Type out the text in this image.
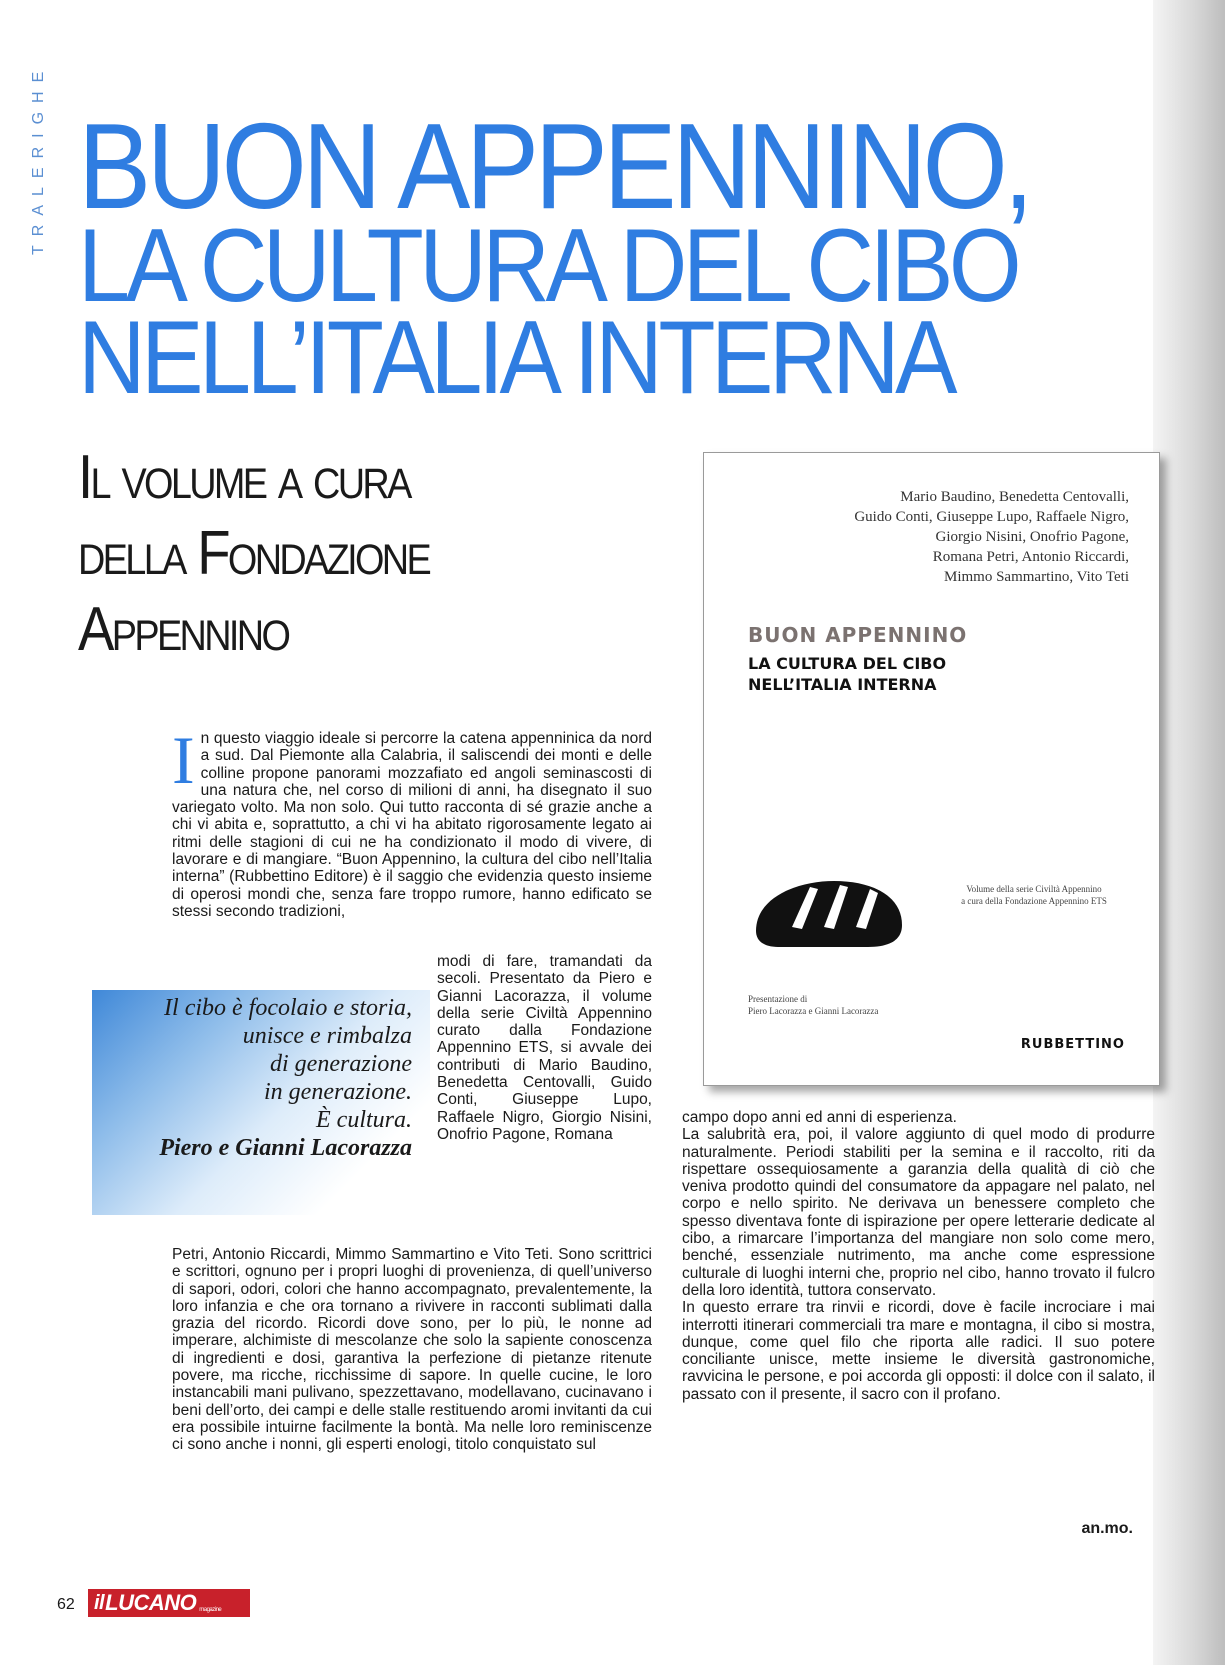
TRALERIGHE BUON APPENNINO,
LA CULTURA DEL CIBO
NELL’ITALIA INTERNA
Il volume a cura
della Fondazione
Appennino
Mario Baudino, Benedetta Centovalli,
Guido Conti, Giuseppe Lupo, Raffaele Nigro,
Giorgio Nisini, Onofrio Pagone,
Romana Petri, Antonio Riccardi,
Mimmo Sammartino, Vito Teti
BUON APPENNINO
LA CULTURA DEL CIBO
NELL’ITALIA INTERNA
Volume della serie Civiltà Appennino
a cura della Fondazione Appennino ETS
Presentazione di
Piero Lacorazza e Gianni Lacorazza
RUBBETTINO
I n questo viaggio ideale si percorre la catena appenninica da nord a sud. Dal Piemonte alla Calabria, il saliscendi dei monti e delle colline propone panorami mozzafiato ed angoli seminascosti di una natura che, nel corso di milioni di anni, ha disegnato il suo variegato volto. Ma non solo. Qui tutto racconta di sé grazie anche a chi vi abita e, soprattutto, a chi vi ha abitato rigorosamente legato ai ritmi delle stagioni di cui ne ha condizionato il modo di vivere, di lavorare e di mangiare. “Buon Appennino, la cultura del cibo nell’Italia interna” (Rubbettino Editore) è il saggio che evidenzia questo insieme di operosi mondi che, senza fare troppo rumore, hanno edificato se stessi secondo tradizioni,

Il cibo è focolaio e storia,
unisce e rimbalza
di generazione
in generazione.
È cultura.
Piero e Gianni Lacorazza

modi di fare, tramandati da secoli. Presentato da Piero e Gianni Lacorazza, il volume della serie Civiltà Appennino curato dalla Fondazione Appennino ETS, si avvale dei contributi di Mario Baudino, Benedetta Centovalli, Guido Conti, Giuseppe Lupo, Raffaele Nigro, Giorgio Nisini, Onofrio Pagone, Romana

Petri, Antonio Riccardi, Mimmo Sammartino e Vito Teti. Sono scrittrici e scrittori, ognuno per i propri luoghi di provenienza, di quell’universo di sapori, odori, colori che hanno accompagnato, prevalentemente, la loro infanzia e che ora tornano a rivivere in racconti sublimati dalla grazia del ricordo. Ricordi dove sono, per lo più, le nonne ad imperare, alchimiste di mescolanze che solo la sapiente conoscenza di ingredienti e dosi, garantiva la perfezione di pietanze ritenute povere, ma ricche, ricchissime di sapore. In quelle cucine, le loro instancabili mani pulivano, spezzettavano, modellavano, cucinavano i beni dell’orto, dei campi e delle stalle restituendo aromi invitanti da cui era possibile intuirne facilmente la bontà. Ma nelle loro reminiscenze ci sono anche i nonni, gli esperti enologi, titolo conquistato sul

campo dopo anni ed anni di esperienza.

La salubrità era, poi, il valore aggiunto di quel modo di produrre naturalmente. Periodi stabiliti per la semina e il raccolto, riti da rispettare ossequiosamente a garanzia della qualità di ciò che veniva prodotto quindi del consumatore da appagare nel palato, nel corpo e nello spirito. Ne derivava un benessere completo che spesso diventava fonte di ispirazione per opere letterarie dedicate al cibo, a rimarcare l’importanza del mangiare non solo come mero, benché, essenziale nutrimento, ma anche come espressione culturale di luoghi interni che, proprio nel cibo, hanno trovato il fulcro della loro identità, tuttora conservato.

In questo errare tra rinvii e ricordi, dove è facile incrociare i mai interrotti itinerari commerciali tra mare e montagna, il cibo si mostra, dunque, come quel filo che riporta alle radici. Il suo potere conciliante unisce, mette insieme le diversità gastronomiche, ravvicina le persone, e poi accorda gli opposti: il dolce con il salato, il passato con il presente, il sacro con il profano.

an.mo.
62 il LUCANO magazine
